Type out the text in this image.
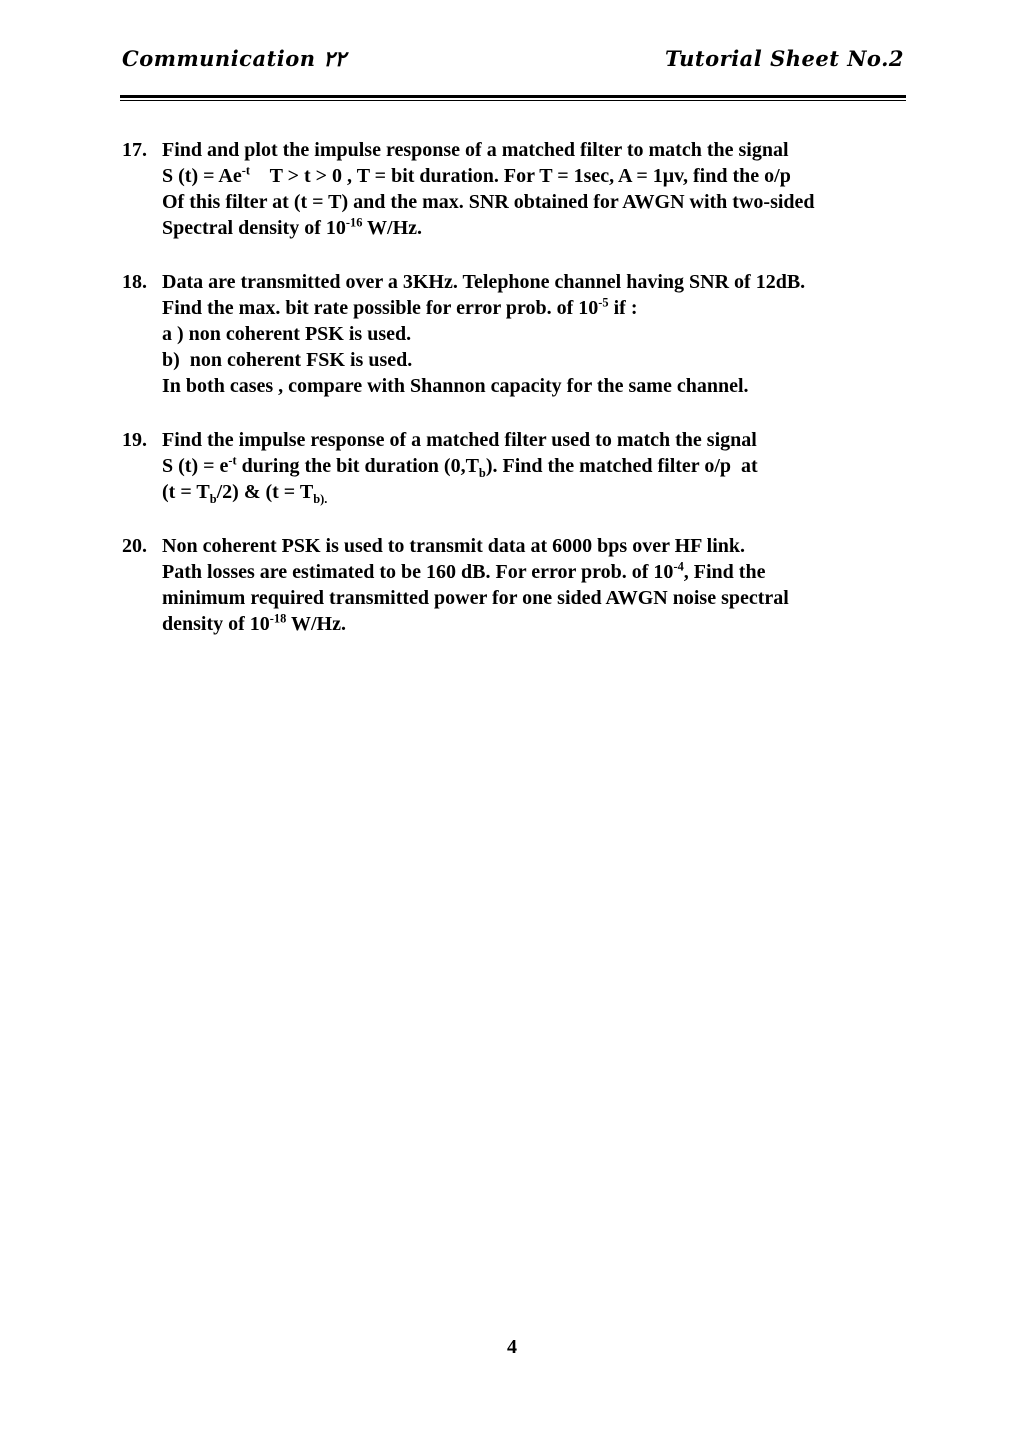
Communication ٢٢	Tutorial Sheet No.2
17. Find and plot the impulse response of a matched filter to match the signal
S $(t) = Ae^{-t}$    T > t > 0 , T = bit duration. For T = 1sec, A = 1μv, find the o/p
Of this filter at (t = T) and the max. SNR obtained for AWGN with two-sided
Spectral density of $10^{-16}$ W/Hz.
18. Data are transmitted over a 3KHz. Telephone channel having SNR of 12dB.
Find the max. bit rate possible for error prob. of $10^{-5}$ if :
a ) non coherent PSK is used.
b)  non coherent FSK is used.
In both cases , compare with Shannon capacity for the same channel.
19. Find the impulse response of a matched filter used to match the signal
S $(t) = e^{-t}$ during the bit duration $(0,T_b)$. Find the matched filter o/p  at
$(t = T_b/2)$ & ($t = T_{b).}$
20. Non coherent PSK is used to transmit data at 6000 bps over HF link.
Path losses are estimated to be 160 dB. For error prob. of $10^{-4}$, Find the
minimum required transmitted power for one sided AWGN noise spectral
density of $10^{-18}$ W/Hz.
4
